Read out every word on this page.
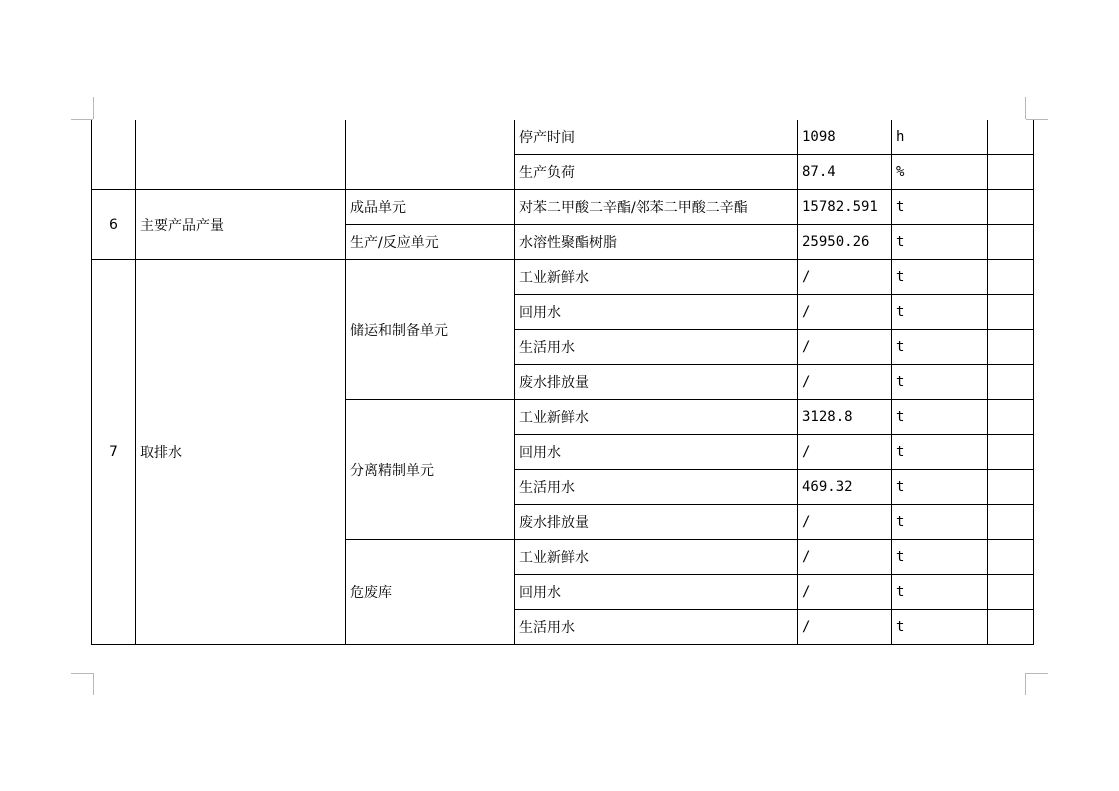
			停产时间	1098	h	
			生产负荷	87.4	%	
6	主要产品产量	成品单元	对苯二甲酸二辛酯/邻苯二甲酸二辛酯	15782.591	t	
		生产/反应单元	水溶性聚酯树脂	25950.26	t	
7	取排水	储运和制备单元	工业新鲜水	/	t	
			回用水	/	t	
			生活用水	/	t	
			废水排放量	/	t	
		分离精制单元	工业新鲜水	3128.8	t	
			回用水	/	t	
			生活用水	469.32	t	
			废水排放量	/	t	
		危废库	工业新鲜水	/	t	
			回用水	/	t	
			生活用水	/	t	
